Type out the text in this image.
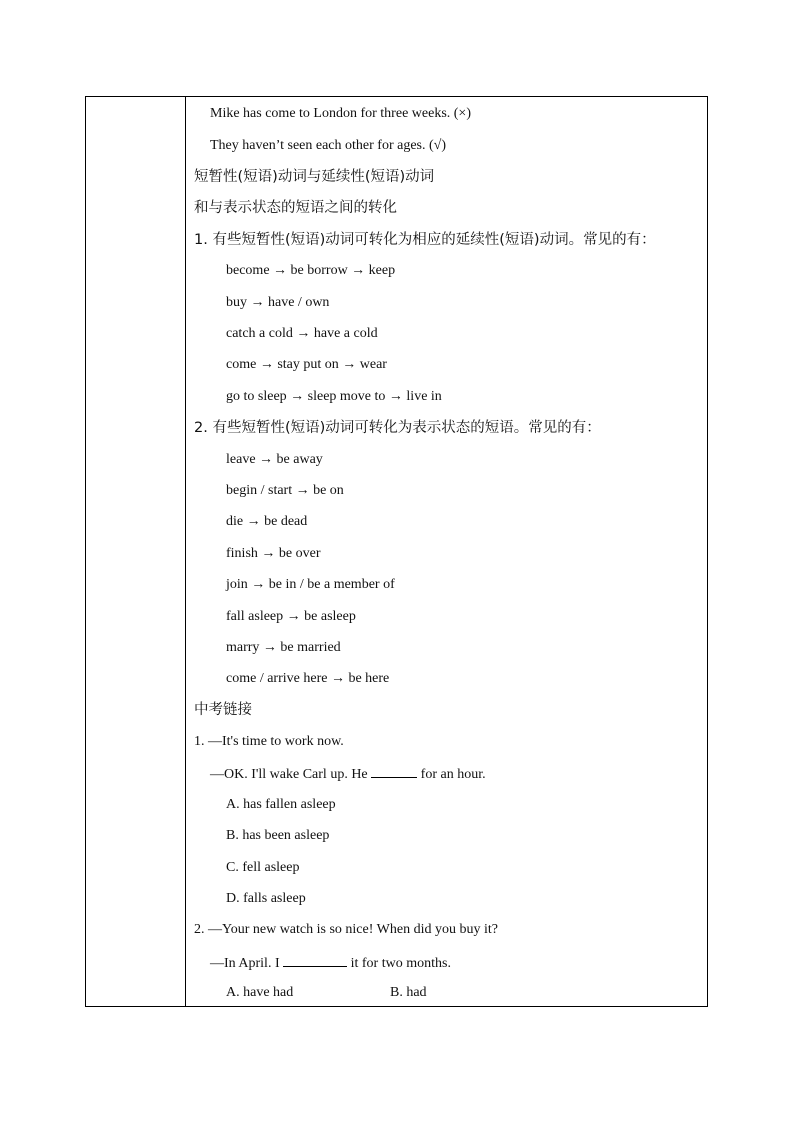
Mike has come to London for three weeks. (×)
They haven’t seen each other for ages. (√)
短暂性(短语)动词与延续性(短语)动词
和与表示状态的短语之间的转化
1. 有些短暂性(短语)动词可转化为相应的延续性(短语)动词。常见的有：
become → be borrow → keep
buy → have / own
catch a cold → have a cold
come → stay put on → wear
go to sleep → sleep move to → live in
2. 有些短暂性(短语)动词可转化为表示状态的短语。常见的有：
leave → be away
begin / start → be on
die → be dead
finish → be over
join → be in / be a member of
fall asleep → be asleep
marry → be married
come / arrive here → be here
中考链接
1. —It's time to work now.
—OK. I'll wake Carl up. He	for an hour.
A. has fallen asleep
B. has been asleep
C. fell asleep
D. falls asleep
2. —Your new watch is so nice! When did you buy it?
—In April. I	it for two months.
A. have had	B. had
